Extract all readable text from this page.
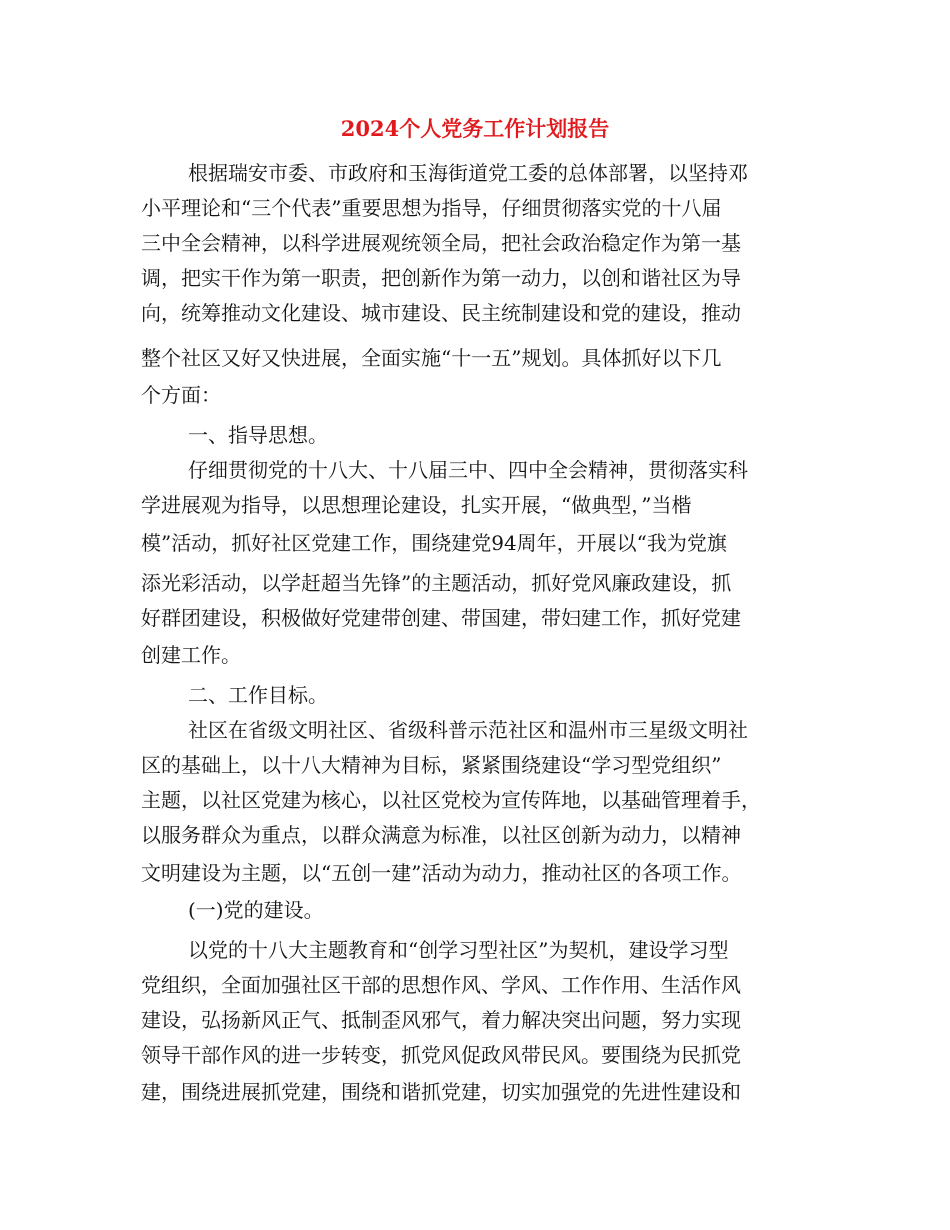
2024个人党务工作计划报告
根据瑞安市委、市政府和玉海街道党工委的总体部署，以坚持邓
小平理论和“三个代表”重要思想为指导，仔细贯彻落实党的十八届
三中全会精神，以科学进展观统领全局，把社会政治稳定作为第一基
调，把实干作为第一职责，把创新作为第一动力，以创和谐社区为导
向，统筹推动文化建设、城市建设、民主统制建设和党的建设，推动
整个社区又好又快进展，全面实施“十一五”规划。具体抓好以下几
个方面：
一、指导思想。
仔细贯彻党的十八大、十八届三中、四中全会精神，贯彻落实科
学进展观为指导，以思想理论建设，扎实开展，“做典型，”当楷
模”活动，抓好社区党建工作，围绕建党94周年，开展以“我为党旗
添光彩活动，以学赶超当先锋”的主题活动，抓好党风廉政建设，抓
好群团建设，积极做好党建带创建、带国建，带妇建工作，抓好党建
创建工作。
二、工作目标。
社区在省级文明社区、省级科普示范社区和温州市三星级文明社
区的基础上，以十八大精神为目标，紧紧围绕建设“学习型党组织”
主题，以社区党建为核心，以社区党校为宣传阵地，以基础管理着手，
以服务群众为重点，以群众满意为标准，以社区创新为动力，以精神
文明建设为主题，以“五创一建”活动为动力，推动社区的各项工作。
(一)党的建设。
以党的十八大主题教育和“创学习型社区”为契机，建设学习型
党组织，全面加强社区干部的思想作风、学风、工作作用、生活作风
建设，弘扬新风正气、抵制歪风邪气，着力解决突出问题，努力实现
领导干部作风的进一步转变，抓党风促政风带民风。要围绕为民抓党
建，围绕进展抓党建，围绕和谐抓党建，切实加强党的先进性建设和
